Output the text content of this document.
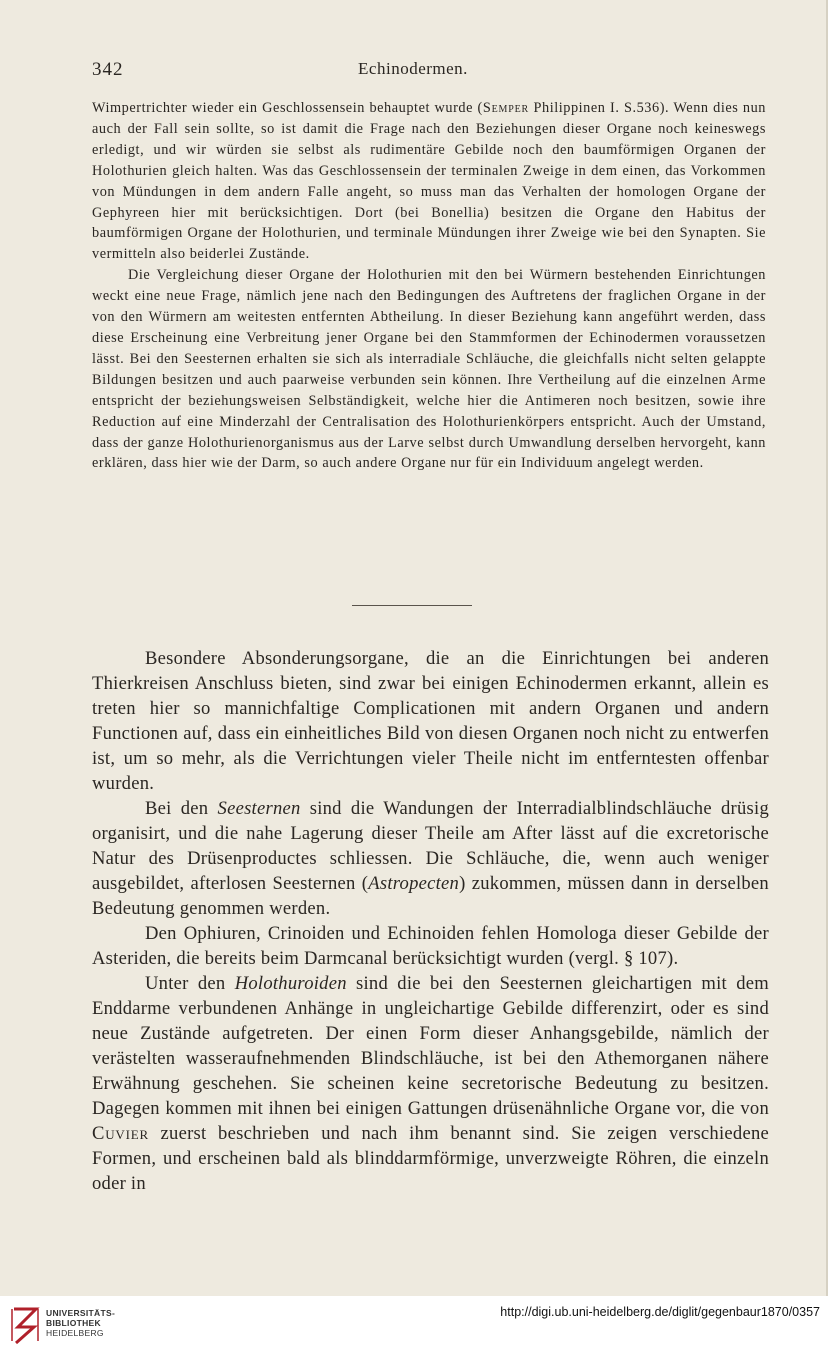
342	Echinodermen.

Wimpertrichter wieder ein Geschlossensein behauptet wurde (Semper Philippinen I. S.536). Wenn dies nun auch der Fall sein sollte, so ist damit die Frage nach den Beziehungen dieser Organe noch keineswegs erledigt, und wir würden sie selbst als rudimentäre Gebilde noch den baumförmigen Organen der Holothurien gleich halten. Was das Geschlossensein der terminalen Zweige in dem einen, das Vorkommen von Mündungen in dem andern Falle angeht, so muss man das Verhalten der homologen Organe der Gephyreen hier mit berücksichtigen. Dort (bei Bonellia) besitzen die Organe den Habitus der baumförmigen Organe der Holothurien, und terminale Mündungen ihrer Zweige wie bei den Synapten. Sie vermitteln also beiderlei Zustände.

Die Vergleichung dieser Organe der Holothurien mit den bei Würmern bestehenden Einrichtungen weckt eine neue Frage, nämlich jene nach den Bedingungen des Auftretens der fraglichen Organe in der von den Würmern am weitesten entfernten Abtheilung. In dieser Beziehung kann angeführt werden, dass diese Erscheinung eine Verbreitung jener Organe bei den Stammformen der Echinodermen voraussetzen lässt. Bei den Seesternen erhalten sie sich als interradiale Schläuche, die gleichfalls nicht selten gelappte Bildungen besitzen und auch paarweise verbunden sein können. Ihre Vertheilung auf die einzelnen Arme entspricht der beziehungsweisen Selbständigkeit, welche hier die Antimeren noch besitzen, sowie ihre Reduction auf eine Minderzahl der Centralisation des Holothurienkörpers entspricht. Auch der Umstand, dass der ganze Holothurienorganismus aus der Larve selbst durch Umwandlung derselben hervorgeht, kann erklären, dass hier wie der Darm, so auch andere Organe nur für ein Individuum angelegt werden.

Besondere Absonderungsorgane, die an die Einrichtungen bei anderen Thierkreisen Anschluss bieten, sind zwar bei einigen Echinodermen erkannt, allein es treten hier so mannichfaltige Complicationen mit andern Organen und andern Functionen auf, dass ein einheitliches Bild von diesen Organen noch nicht zu entwerfen ist, um so mehr, als die Verrichtungen vieler Theile nicht im entferntesten offenbar wurden.

Bei den Seesternen sind die Wandungen der Interradialblindschläuche drüsig organisirt, und die nahe Lagerung dieser Theile am After lässt auf die excretorische Natur des Drüsenproductes schliessen. Die Schläuche, die, wenn auch weniger ausgebildet, afterlosen Seesternen (Astropecten) zukommen, müssen dann in derselben Bedeutung genommen werden.

Den Ophiuren, Crinoiden und Echinoiden fehlen Homologa dieser Gebilde der Asteriden, die bereits beim Darmcanal berücksichtigt wurden (vergl. § 107).

Unter den Holothuroiden sind die bei den Seesternen gleichartigen mit dem Enddarme verbundenen Anhänge in ungleichartige Gebilde differenzirt, oder es sind neue Zustände aufgetreten. Der einen Form dieser Anhangsgebilde, nämlich der verästelten wasseraufnehmenden Blindschläuche, ist bei den Athemorganen nähere Erwähnung geschehen. Sie scheinen keine secretorische Bedeutung zu besitzen. Dagegen kommen mit ihnen bei einigen Gattungen drüsenähnliche Organe vor, die von Cuvier zuerst beschrieben und nach ihm benannt sind. Sie zeigen verschiedene Formen, und erscheinen bald als blinddarmförmige, unverzweigte Röhren, die einzeln oder in

UNIVERSITÄTS-
BIBLIOTHEK
HEIDELBERG
http://digi.ub.uni-heidelberg.de/diglit/gegenbaur1870/0357
